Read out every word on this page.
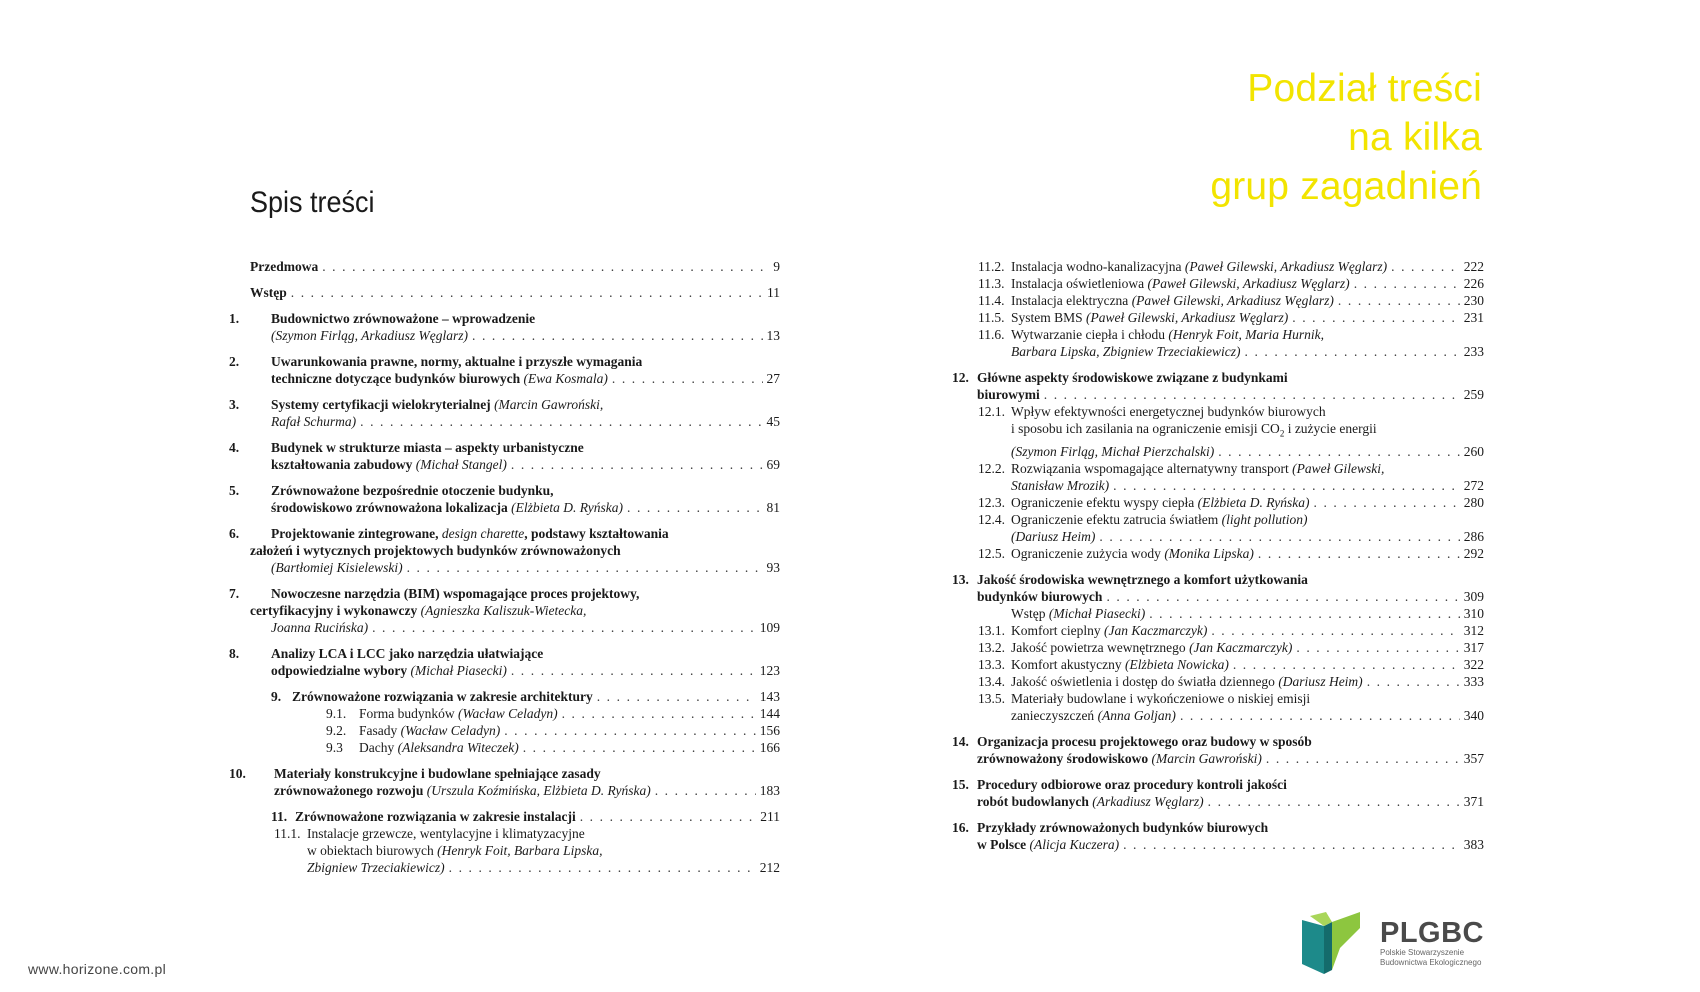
Podział treści
na kilka
grup zagadnień
Spis treści
Przedmowa . . .	9
Wstęp . . .	11
1. Budownictwo zrównoważone – wprowadzenie
(Szymon Firląg, Arkadiusz Węglarz) . . .	13
2. Uwarunkowania prawne, normy, aktualne i przyszłe wymagania
techniczne dotyczące budynków biurowych (Ewa Kosmala) . . .	27
3. Systemy certyfikacji wielokryterialnej (Marcin Gawroński,
Rafał Schurma) . . .	45
4. Budynek w strukturze miasta – aspekty urbanistyczne
kształtowania zabudowy (Michał Stangel) . . .	69
5. Zrównoważone bezpośrednie otoczenie budynku,
środowiskowo zrównoważona lokalizacja (Elżbieta D. Ryńska) . . .	81
6. Projektowanie zintegrowane, design charette, podstawy kształtowania
założeń i wytycznych projektowych budynków zrównoważonych
(Bartłomiej Kisielewski) . . .	93
7. Nowoczesne narzędzia (BIM) wspomagające proces projektowy,
certyfikacyjny i wykonawczy (Agnieszka Kaliszuk-Wietecka,
Joanna Rucińska) . . .	109
8. Analizy LCA i LCC jako narzędzia ułatwiające
odpowiedzialne wybory (Michał Piasecki) . . .	123
9. Zrównoważone rozwiązania w zakresie architektury . . .	143
9.1. Forma budynków (Wacław Celadyn) . . .	144
9.2. Fasady (Wacław Celadyn) . . .	156
9.3 Dachy (Aleksandra Witeczek) . . .	166
10. Materiały konstrukcyjne i budowlane spełniające zasady
zrównoważonego rozwoju (Urszula Koźmińska, Elżbieta D. Ryńska) . . .	183
11. Zrównoważone rozwiązania w zakresie instalacji . . .	211
11.1. Instalacje grzewcze, wentylacyjne i klimatyzacyjne
w obiektach biurowych (Henryk Foit, Barbara Lipska,
Zbigniew Trzeciakiewicz) . . .	212
11.2. Instalacja wodno-kanalizacyjna (Paweł Gilewski, Arkadiusz Węglarz) . . .	222
11.3. Instalacja oświetleniowa (Paweł Gilewski, Arkadiusz Węglarz) . . .	226
11.4. Instalacja elektryczna (Paweł Gilewski, Arkadiusz Węglarz) . . .	230
11.5. System BMS (Paweł Gilewski, Arkadiusz Węglarz) . . .	231
11.6. Wytwarzanie ciepła i chłodu (Henryk Foit, Maria Hurnik,
Barbara Lipska, Zbigniew Trzeciakiewicz) . . .	233
12. Główne aspekty środowiskowe związane z budynkami
biurowymi . . .	259
12.1. Wpływ efektywności energetycznej budynków biurowych
i sposobu ich zasilania na ograniczenie emisji $CO_2$ i zużycie energii
(Szymon Firląg, Michał Pierzchalski) . . .	260
12.2. Rozwiązania wspomagające alternatywny transport (Paweł Gilewski,
Stanisław Mrozik) . . .	272
12.3. Ograniczenie efektu wyspy ciepła (Elżbieta D. Ryńska) . . .	280
12.4. Ograniczenie efektu zatrucia światłem (light pollution)
(Dariusz Heim) . . .	286
12.5. Ograniczenie zużycia wody (Monika Lipska) . . .	292
13. Jakość środowiska wewnętrznego a komfort użytkowania
budynków biurowych . . .	309
Wstęp (Michał Piasecki) . . .	310
13.1. Komfort cieplny (Jan Kaczmarczyk) . . .	312
13.2. Jakość powietrza wewnętrznego (Jan Kaczmarczyk) . . .	317
13.3. Komfort akustyczny (Elżbieta Nowicka) . . .	322
13.4. Jakość oświetlenia i dostęp do światła dziennego (Dariusz Heim) . . .	333
13.5. Materiały budowlane i wykończeniowe o niskiej emisji
zanieczyszczeń (Anna Goljan) . . .	340
14. Organizacja procesu projektowego oraz budowy w sposób
zrównoważony środowiskowo (Marcin Gawroński) . . .	357
15. Procedury odbiorowe oraz procedury kontroli jakości
robót budowlanych (Arkadiusz Węglarz) . . .	371
16. Przykłady zrównoważonych budynków biurowych
w Polsce (Alicja Kuczera) . . .	383
www.horizone.com.pl
PLGBC
Polskie Stowarzyszenie
Budownictwa Ekologicznego
